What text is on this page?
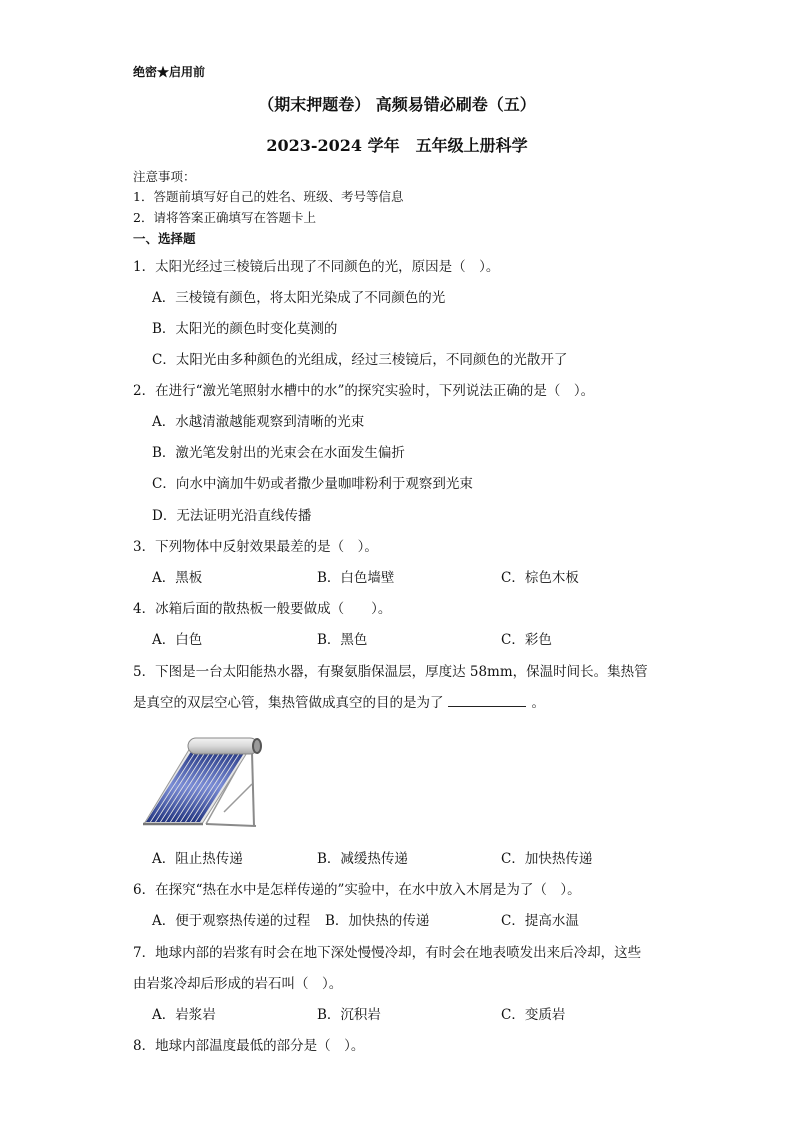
绝密★启用前
（期末押题卷） 高频易错必刷卷（五）
2023-2024 学年　五年级上册科学
注意事项：
1．答题前填写好自己的姓名、班级、考号等信息
2．请将答案正确填写在答题卡上
一、选择题
1．太阳光经过三棱镜后出现了不同颜色的光，原因是（　）。
A．三棱镜有颜色，将太阳光染成了不同颜色的光
B．太阳光的颜色时变化莫测的
C．太阳光由多种颜色的光组成，经过三棱镜后，不同颜色的光散开了
2．在进行“激光笔照射水槽中的水”的探究实验时，下列说法正确的是（　）。
A．水越清澈越能观察到清晰的光束
B．激光笔发射出的光束会在水面发生偏折
C．向水中滴加牛奶或者撒少量咖啡粉利于观察到光束
D．无法证明光沿直线传播
3．下列物体中反射效果最差的是（　）。
A．黑板	B．白色墙壁	C．棕色木板
4．冰箱后面的散热板一般要做成（　　）。
A．白色	B．黑色	C．彩色
5．下图是一台太阳能热水器，有聚氨脂保温层，厚度达 58mm，保温时间长。集热管
是真空的双层空心管，集热管做成真空的目的是为了	。
A．阻止热传递	B．减缓热传递	C．加快热传递
6．在探究“热在水中是怎样传递的”实验中，在水中放入木屑是为了（　）。
A．便于观察热传递的过程 B．加快热的传递	C．提高水温
7．地球内部的岩浆有时会在地下深处慢慢冷却，有时会在地表喷发出来后冷却，这些
由岩浆冷却后形成的岩石叫（　）。
A．岩浆岩	B．沉积岩	C．变质岩
8．地球内部温度最低的部分是（　）。
